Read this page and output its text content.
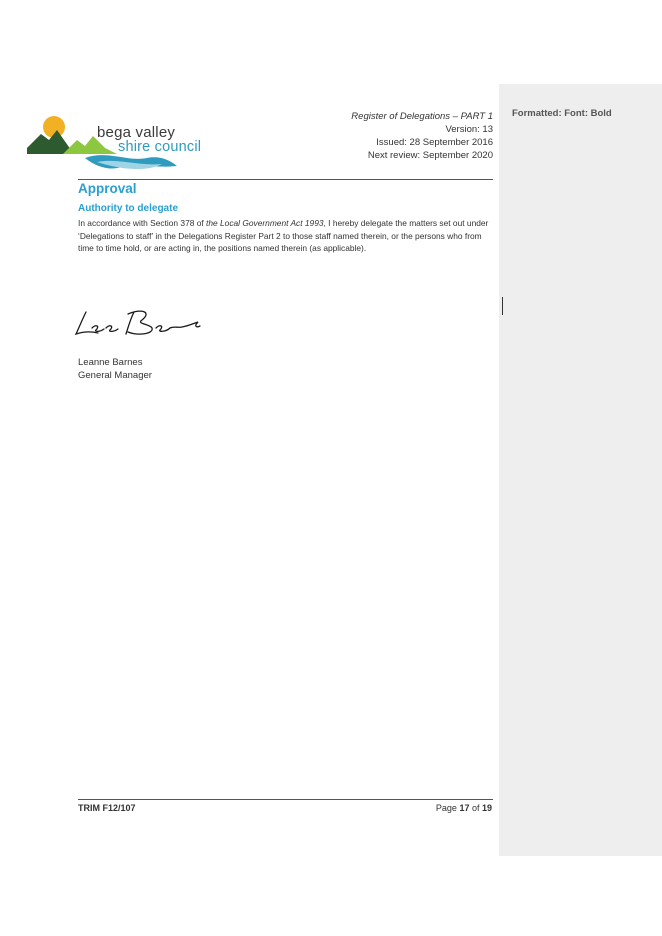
Formatted: Font: Bold
bega valley
shire council
Register of Delegations – PART 1
Version: 13
Issued: 28 September 2016
Next review: September 2020
Approval
Authority to delegate
In accordance with Section 378 of the Local Government Act 1993, I hereby delegate the matters set out under ‘Delegations to staff’ in the Delegations Register Part 2 to those staff named therein, or the persons who from time to time hold, or are acting in, the positions named therein (as applicable).
Leanne Barnes
General Manager
TRIM F12/107	Page 17 of 19
